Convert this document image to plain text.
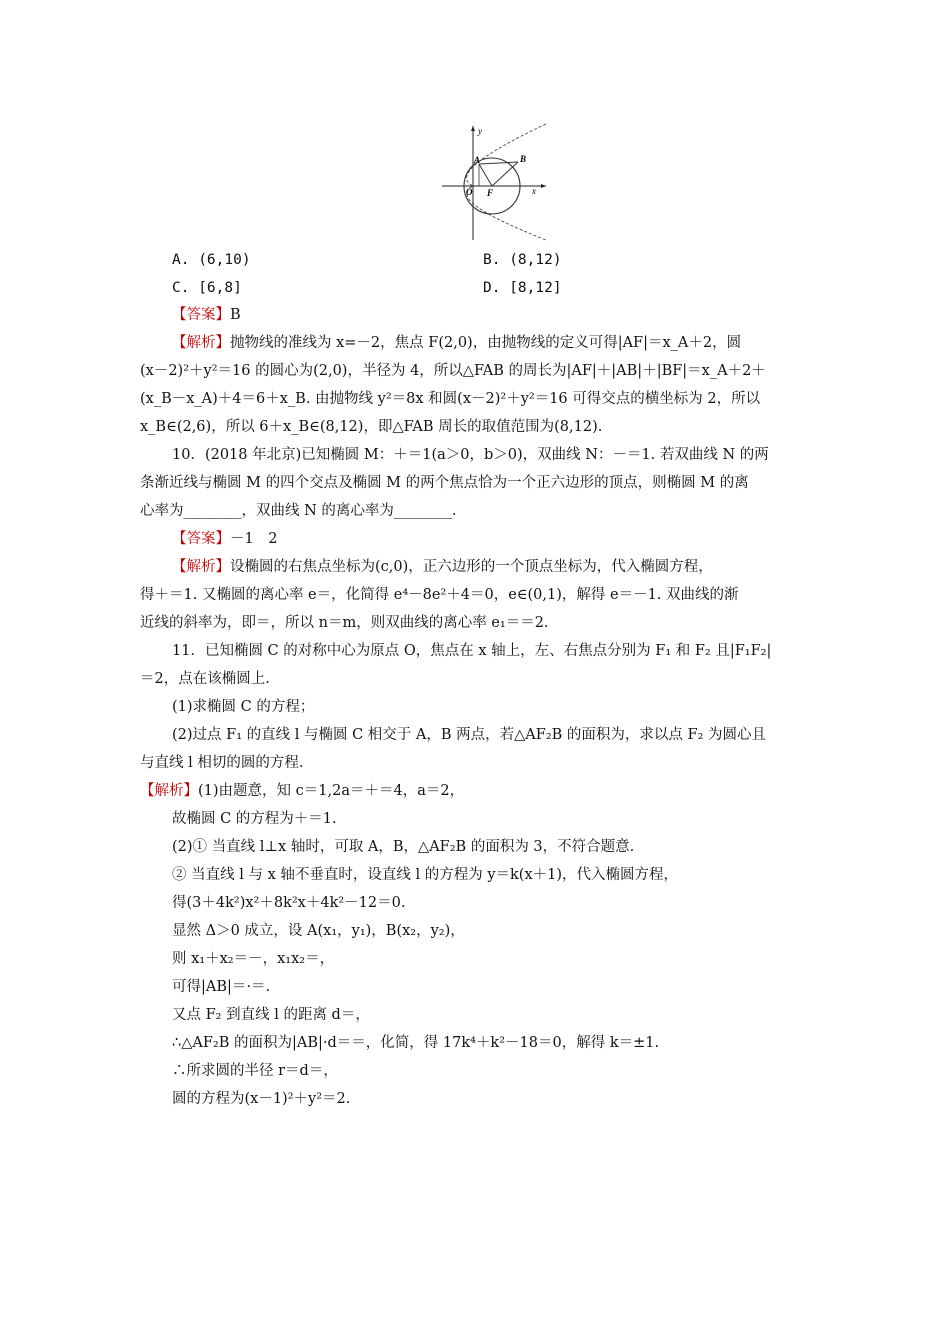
y
A	B
O F	x
A. (6,10)	B. (8,12)
C. [6,8]	D. [8,12]
【答案】B
【解析】抛物线的准线为 x=－2，焦点 F(2,0)，由抛物线的定义可得|AF|＝x_A＋2，圆
(x－2)²＋y²＝16 的圆心为(2,0)，半径为 4，所以△FAB 的周长为|AF|＋|AB|＋|BF|＝x_A＋2＋
(x_B－x_A)＋4＝6＋x_B. 由抛物线 y²＝8x 和圆(x－2)²＋y²＝16 可得交点的横坐标为 2，所以
x_B∈(2,6)，所以 6＋x_B∈(8,12)，即△FAB 周长的取值范围为(8,12).
10．(2018 年北京)已知椭圆 M：＋＝1(a＞0，b＞0)，双曲线 N：－＝1. 若双曲线 N 的两
条渐近线与椭圆 M 的四个交点及椭圆 M 的两个焦点恰为一个正六边形的顶点，则椭圆 M 的离
心率为________，双曲线 N 的离心率为________.
【答案】－1　2
【解析】设椭圆的右焦点坐标为(c,0)，正六边形的一个顶点坐标为，代入椭圆方程，
得＋＝1. 又椭圆的离心率 e＝，化简得 e⁴－8e²＋4＝0，e∈(0,1)，解得 e＝－1. 双曲线的渐
近线的斜率为，即＝，所以 n＝m，则双曲线的离心率 e₁＝＝2.
11．已知椭圆 C 的对称中心为原点 O，焦点在 x 轴上，左、右焦点分别为 F₁ 和 F₂ 且|F₁F₂|
＝2，点在该椭圆上.
(1)求椭圆 C 的方程；
(2)过点 F₁ 的直线 l 与椭圆 C 相交于 A，B 两点，若△AF₂B 的面积为，求以点 F₂ 为圆心且
与直线 l 相切的圆的方程.
【解析】(1)由题意，知 c＝1,2a＝＋＝4，a＝2，
故椭圆 C 的方程为＋＝1.
(2)① 当直线 l⊥x 轴时，可取 A，B，△AF₂B 的面积为 3，不符合题意.
② 当直线 l 与 x 轴不垂直时，设直线 l 的方程为 y＝k(x＋1)，代入椭圆方程，
得(3＋4k²)x²＋8k²x＋4k²－12＝0.
显然 Δ＞0 成立，设 A(x₁，y₁)，B(x₂，y₂)，
则 x₁＋x₂＝－，x₁x₂＝，
可得|AB|＝·＝.
又点 F₂ 到直线 l 的距离 d＝，
∴△AF₂B 的面积为|AB|·d＝＝，化简，得 17k⁴＋k²－18＝0，解得 k＝±1.
∴所求圆的半径 r＝d＝，
圆的方程为(x－1)²＋y²＝2.
